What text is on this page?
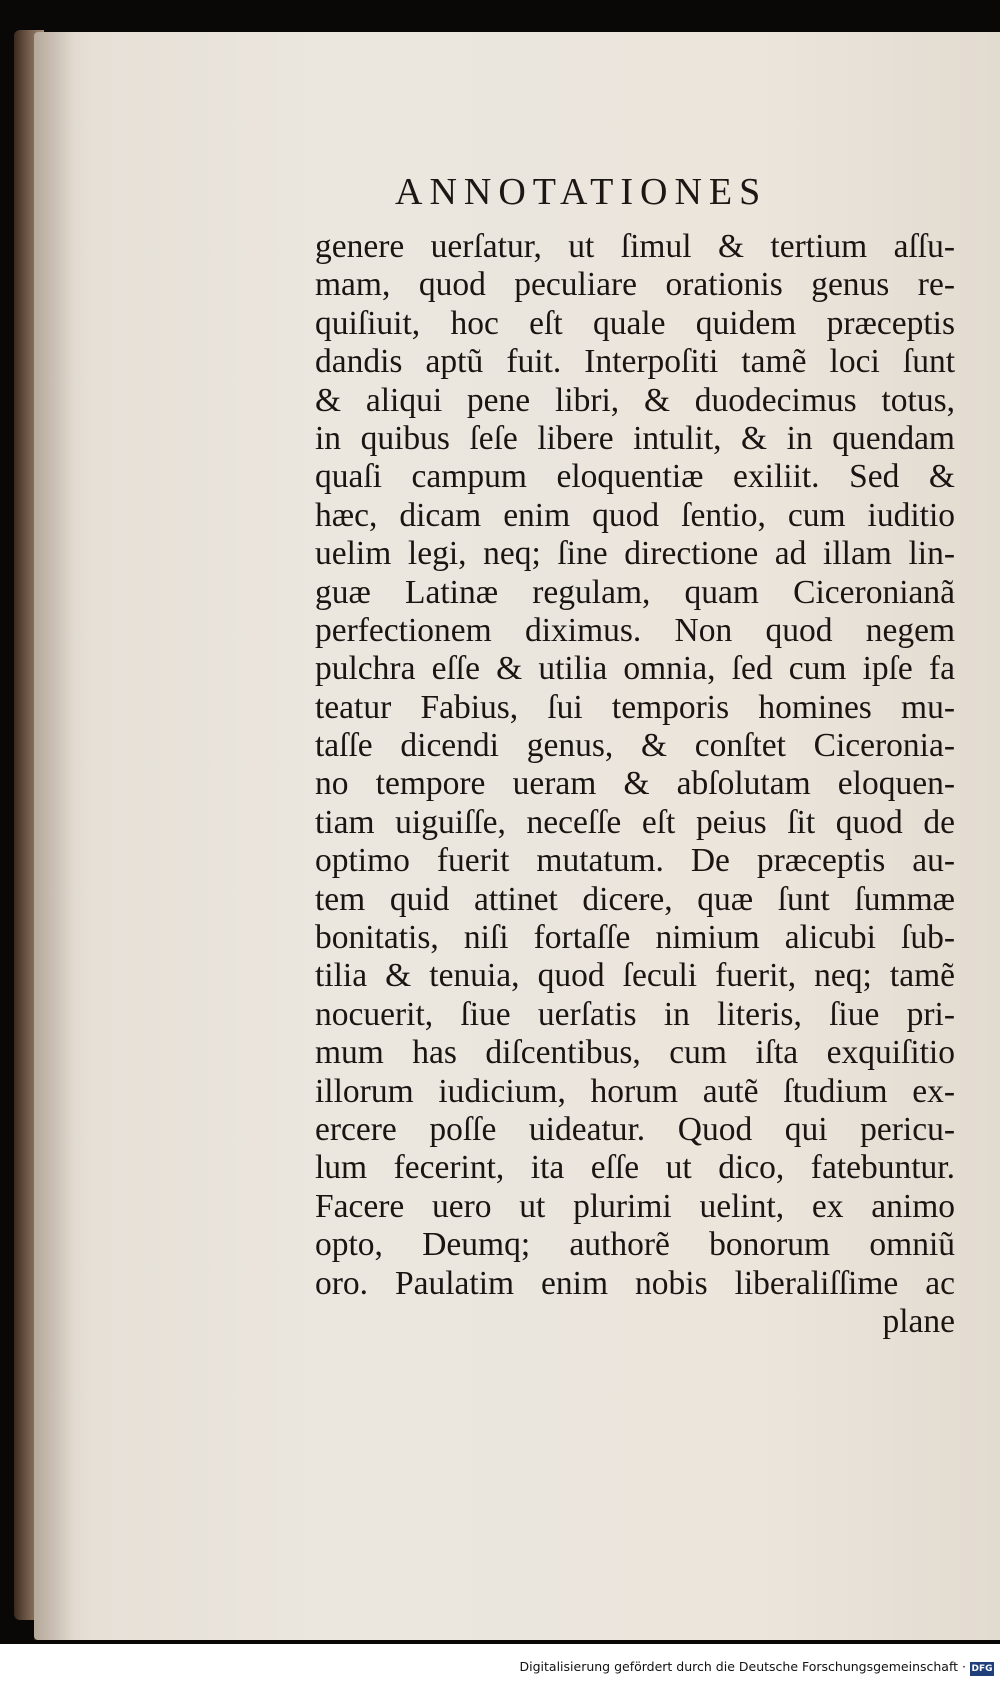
ANNOTATIONES
genere uerſatur, ut ſimul & tertium aſſu-
mam, quod peculiare orationis genus re-
quiſiuit, hoc eſt quale quidem præceptis
dandis aptũ fuit. Interpoſiti tamẽ loci ſunt
& aliqui pene libri, & duodecimus totus,
in quibus ſeſe libere intulit, & in quendam
quaſi campum eloquentiæ exiliit. Sed &
hæc, dicam enim quod ſentio, cum iuditio
uelim legi, neq; ſine directione ad illam lin-
guæ Latinæ regulam, quam Ciceronianã
perfectionem diximus. Non quod negem
pulchra eſſe & utilia omnia, ſed cum ipſe fa
teatur Fabius, ſui temporis homines mu-
taſſe dicendi genus, & conſtet Ciceronia-
no tempore ueram & abſolutam eloquen-
tiam uiguiſſe, neceſſe eſt peius ſit quod de
optimo fuerit mutatum. De præceptis au-
tem quid attinet dicere, quæ ſunt ſummæ
bonitatis, niſi fortaſſe nimium alicubi ſub-
tilia & tenuia, quod ſeculi fuerit, neq; tamẽ
nocuerit, ſiue uerſatis in literis, ſiue pri-
mum has diſcentibus, cum iſta exquiſitio
illorum iudicium, horum autẽ ſtudium ex-
ercere poſſe uideatur. Quod qui pericu-
lum fecerint, ita eſſe ut dico, fatebuntur.
Facere uero ut plurimi uelint, ex animo
opto, Deumq; authorẽ bonorum omniũ
oro. Paulatim enim nobis liberaliſſime ac
plane
Digitalisierung gefördert durch die Deutsche Forschungsgemeinschaft · DFG
